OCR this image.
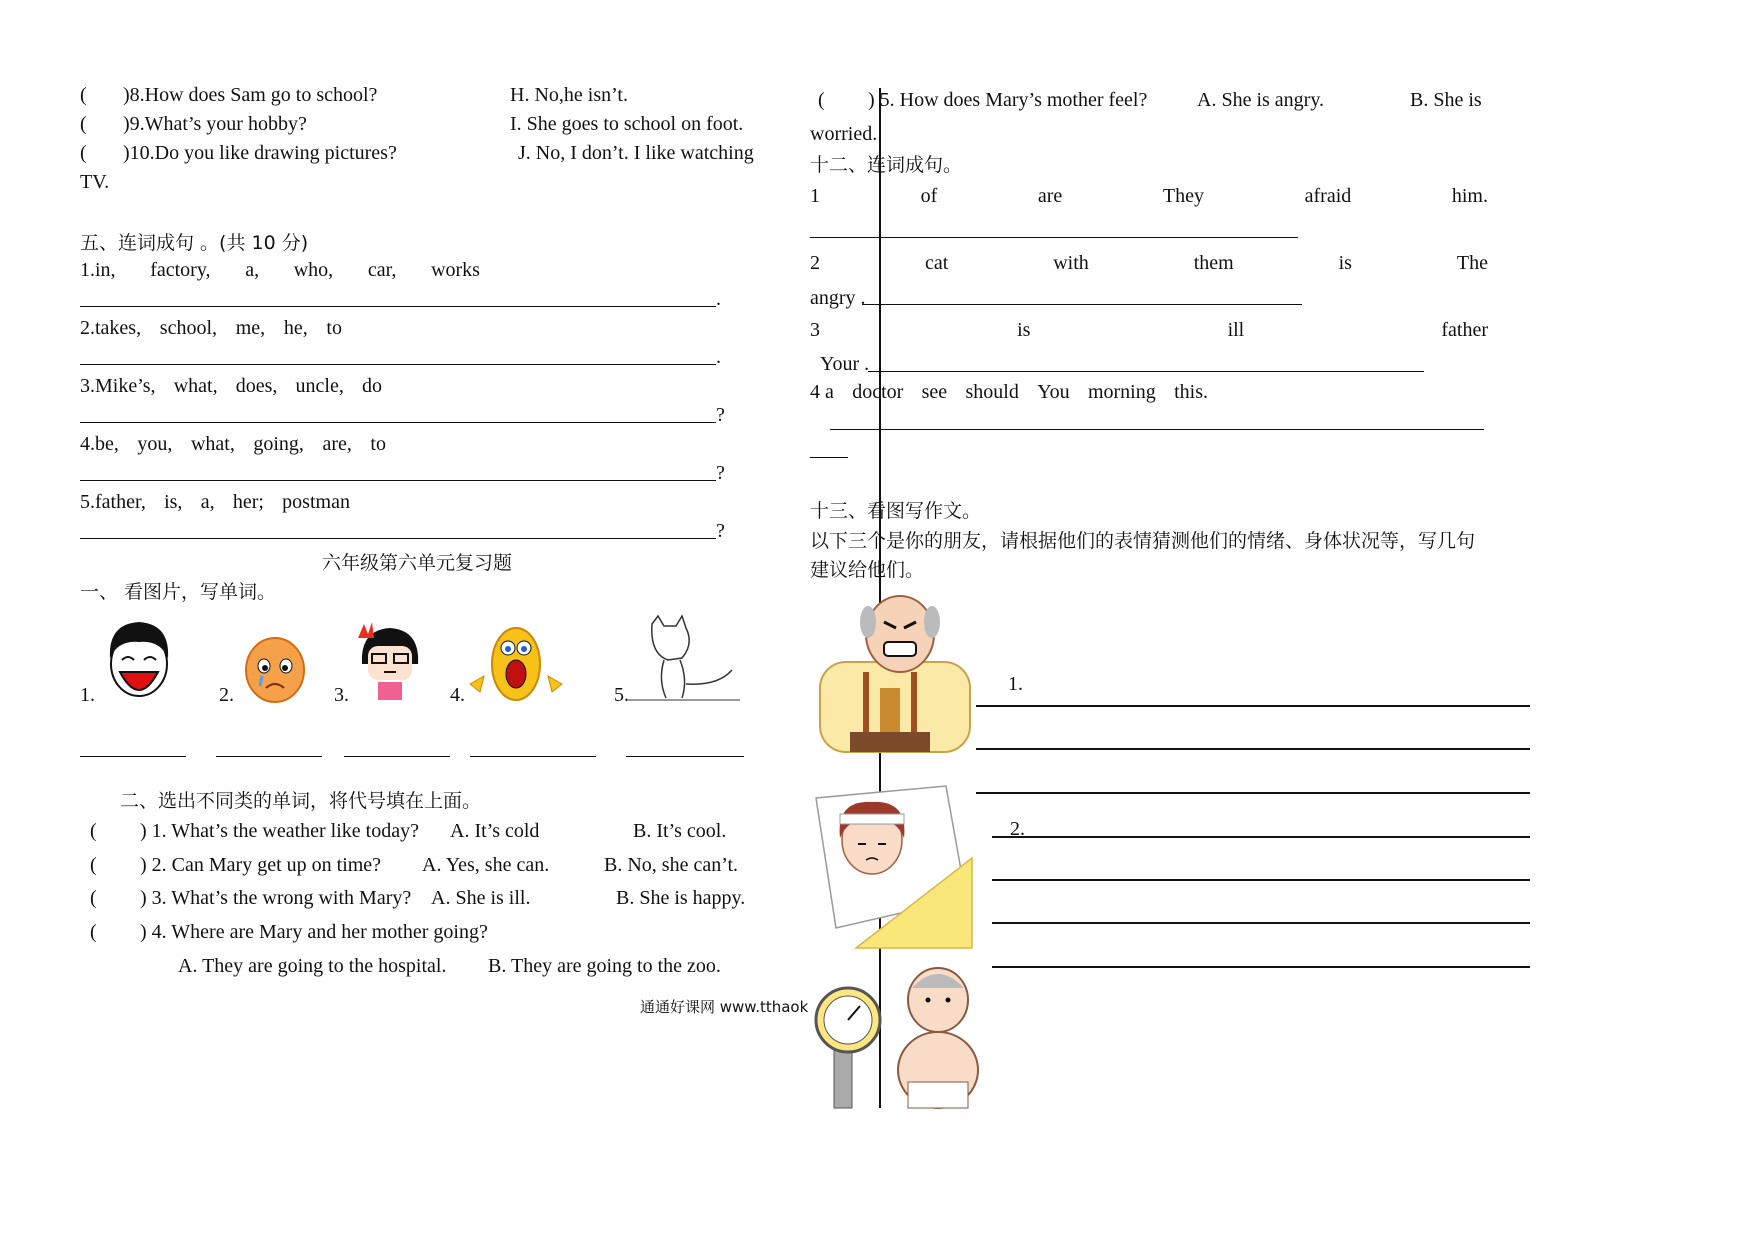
( )8.How does Sam go to school?	H. No,he isn’t.
( )9.What’s your hobby?	I. She goes to school on foot.
( )10.Do you like drawing pictures?	J. No, I don’t. I like watching
TV.
五、连词成句 。(共 10 分)
1.in, factory, a, who, car, works
.
2.takes, school, me, he, to
.
3.Mike’s, what, does, uncle, do
?
4.be, you, what, going, are, to
?
5.father, is, a, her; postman
?
六年级第六单元复习题
一、 看图片，写单词。
1.	2.	3.	4.	5.
二、选出不同类的单词，将代号填在上面。
( ) 1. What’s the weather like today? A. It’s cold	B. It’s cool.
( ) 2. Can Mary get up on time? A. Yes, she can.	B. No, she can’t.
( ) 3. What’s the wrong with Mary? A. She is ill.	B. She is happy.
( ) 4. Where are Mary and her mother going?
A. They are going to the hospital. B. They are going to the zoo.
通通好课网 www.tthaok
( ) 5. How does Mary’s mother feel? A. She is angry.	B. She is
worried.
十二、连词成句。
1	of	are	They	afraid	him.
2	cat	with	them	is	The
angry .
3	is	ill	father
Your .
4 a doctor see should You morning this.
十三、看图写作文。
以下三个是你的朋友，请根据他们的表情猜测他们的情绪、身体状况等，写几句
建议给他们。
1.
2.
